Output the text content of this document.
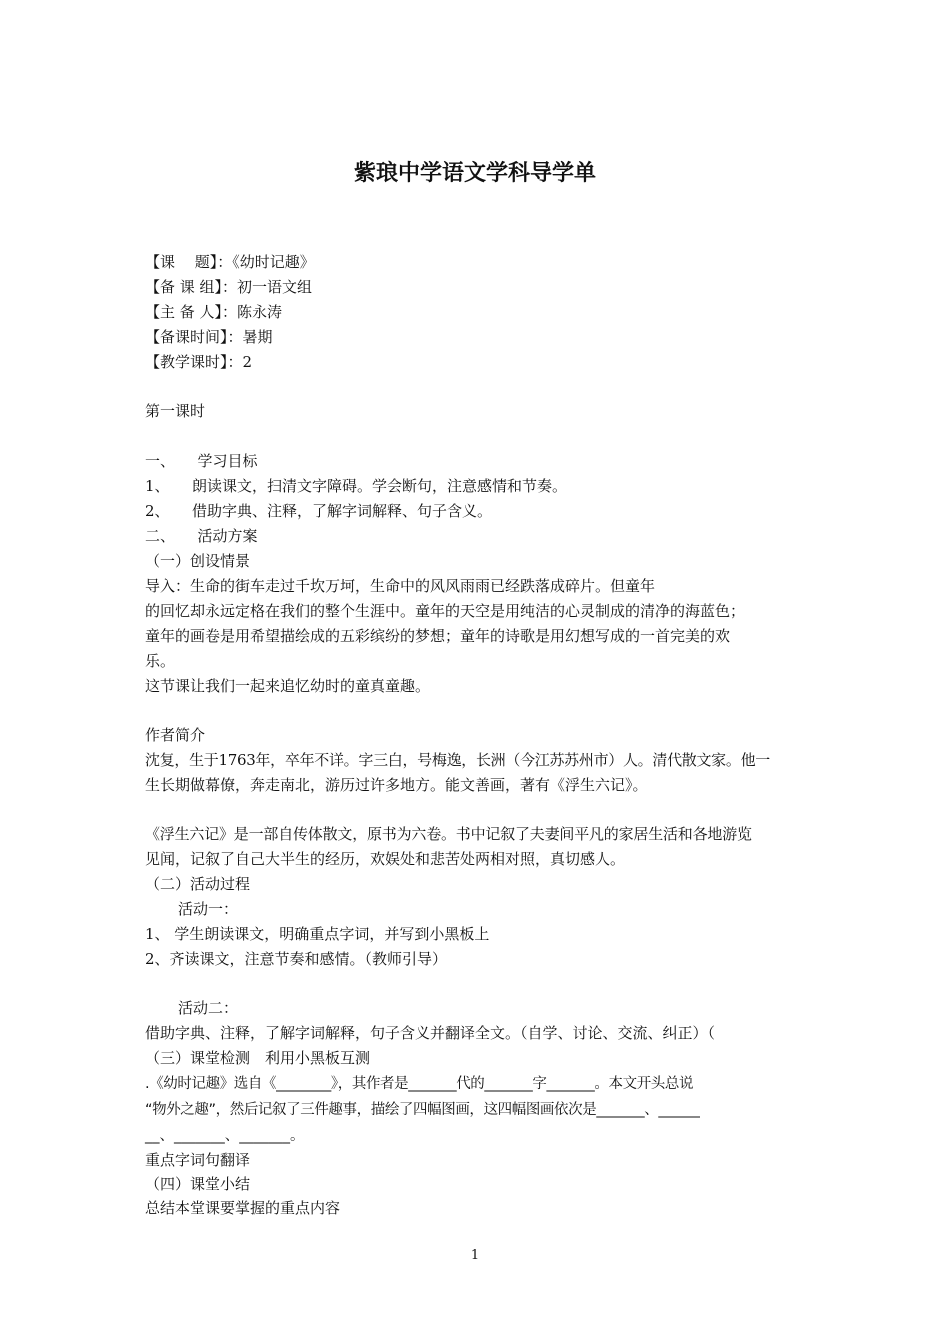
紫琅中学语文学科导学单
【课　 题】：《幼时记趣》
【备 课 组】：初一语文组
【主 备 人】：陈永涛
【备课时间】：暑期
【教学课时】：2
第一课时
一、　　学习目标
1、　　朗读课文，扫清文字障碍。学会断句，注意感情和节奏。
2、　　借助字典、注释，了解字词解释、句子含义。
二、　　活动方案
（一）创设情景
导入：生命的街车走过千坎万坷，生命中的风风雨雨已经跌落成碎片。但童年
的回忆却永远定格在我们的整个生涯中。童年的天空是用纯洁的心灵制成的清净的海蓝色；
童年的画卷是用希望描绘成的五彩缤纷的梦想；童年的诗歌是用幻想写成的一首完美的欢
乐。
这节课让我们一起来追忆幼时的童真童趣。
作者简介
沈复，生于1763年，卒年不详。字三白，号梅逸，长洲（今江苏苏州市）人。清代散文家。他一
生长期做幕僚，奔走南北，游历过许多地方。能文善画，著有《浮生六记》。
《浮生六记》是一部自传体散文，原书为六卷。书中记叙了夫妻间平凡的家居生活和各地游览
见闻，记叙了自己大半生的经历，欢娱处和悲苦处两相对照，真切感人。
（二）活动过程
活动一：
1、 学生朗读课文，明确重点字词，并写到小黑板上
2、齐读课文，注意节奏和感情。（教师引导）
活动二：
借助字典、注释，了解字词解释，句子含义并翻译全文。（自学、讨论、交流、纠正）（
（三）课堂检测　利用小黑板互测
.《幼时记趣》选自《________》，其作者是_______代的_______字_______。本文开头总说
“物外之趣”，然后记叙了三件趣事，描绘了四幅图画，这四幅图画依次是_______、______
__、_______、_______。
重点字词句翻译
（四）课堂小结
总结本堂课要掌握的重点内容
1
